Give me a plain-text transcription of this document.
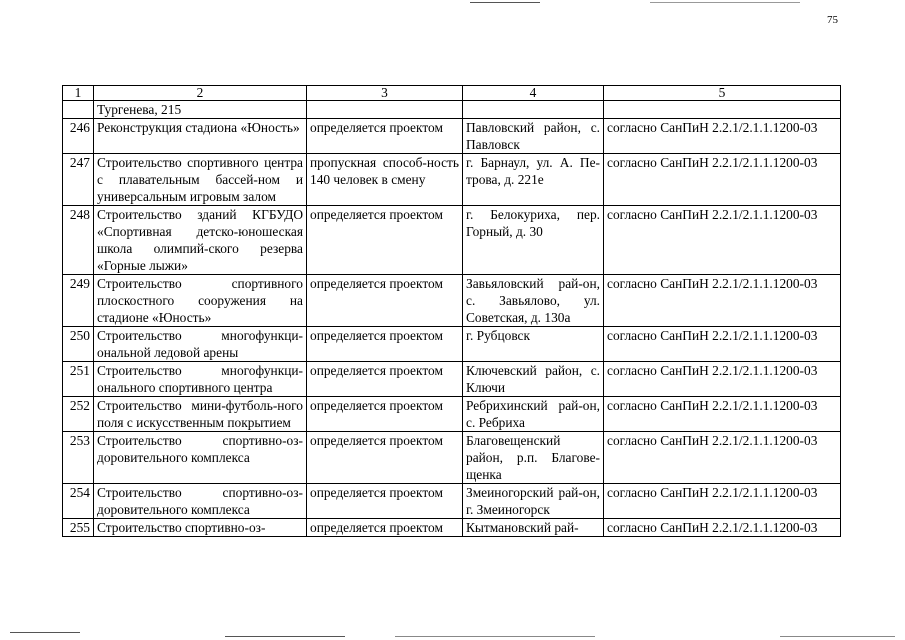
75
1	2	3	4	5
	Тургенева, 215			
246	Реконструкция стадиона «Юность»	определяется проектом	Павловский район, с. Павловск	согласно СанПиН 2.2.1/2.1.1.1200-03
247	Строительство спортивного центра с плавательным бассей-ном и универсальным игровым залом	пропускная способ-ность 140 человек в смену	г. Барнаул, ул. А. Пе-трова, д. 221е	согласно СанПиН 2.2.1/2.1.1.1200-03
248	Строительство зданий КГБУДО «Спортивная детско-юношеская школа олимпий-ского резерва «Горные лыжи»	определяется проектом	г. Белокуриха, пер. Горный, д. 30	согласно СанПиН 2.2.1/2.1.1.1200-03
249	Строительство спортивного плоскостного сооружения на стадионе «Юность»	определяется проектом	Завьяловский рай-он, с. Завьялово, ул. Советская, д. 130а	согласно СанПиН 2.2.1/2.1.1.1200-03
250	Строительство многофункци-ональной ледовой арены	определяется проектом	г. Рубцовск	согласно СанПиН 2.2.1/2.1.1.1200-03
251	Строительство многофункци-онального спортивного центра	определяется проектом	Ключевский район, с. Ключи	согласно СанПиН 2.2.1/2.1.1.1200-03
252	Строительство мини-футболь-ного поля с искусственным покрытием	определяется проектом	Ребрихинский рай-он, с. Ребриха	согласно СанПиН 2.2.1/2.1.1.1200-03
253	Строительство спортивно-оз-доровительного комплекса	определяется проектом	Благовещенский район, р.п. Благове-щенка	согласно СанПиН 2.2.1/2.1.1.1200-03
254	Строительство спортивно-оз-доровительного комплекса	определяется проектом	Змеиногорский рай-он, г. Змеиногорск	согласно СанПиН 2.2.1/2.1.1.1200-03
255	Строительство спортивно-оз-	определяется проектом	Кытмановский рай-	согласно СанПиН 2.2.1/2.1.1.1200-03
